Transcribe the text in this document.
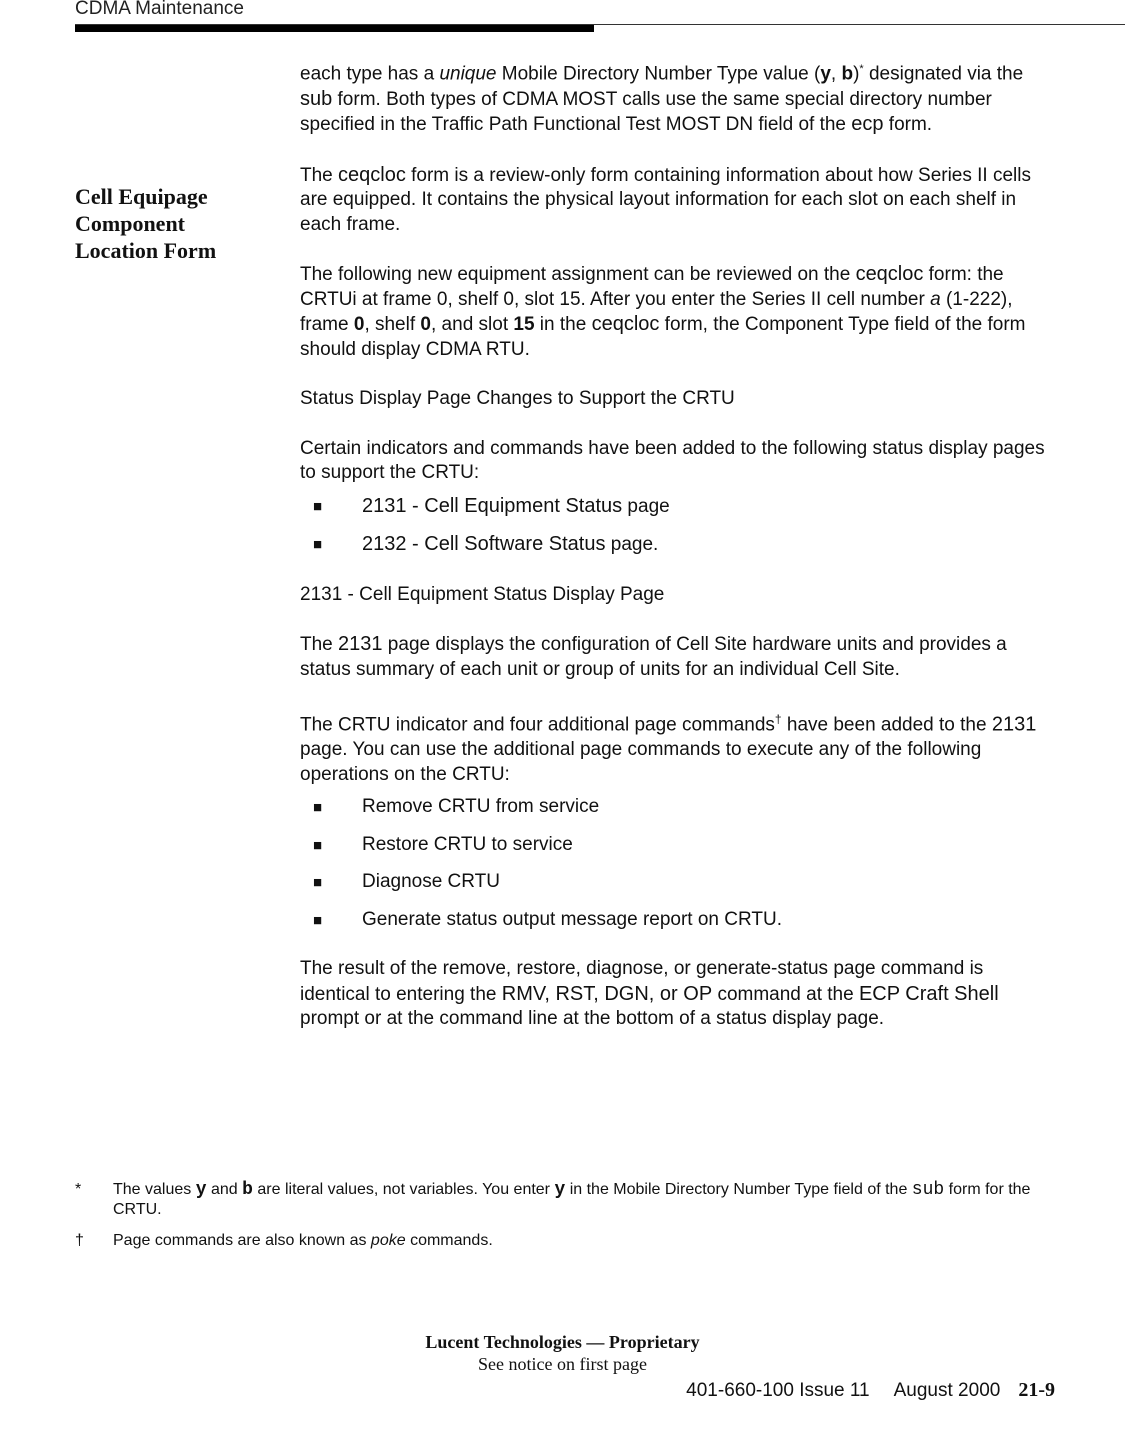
CDMA Maintenance
Cell Equipage
Component
Location Form

each type has a unique Mobile Directory Number Type value (y, b)* designated via the sub form. Both types of CDMA MOST calls use the same special directory number specified in the Traffic Path Functional Test MOST DN field of the ecp form.

The ceqcloc form is a review-only form containing information about how Series II cells are equipped. It contains the physical layout information for each slot on each shelf in each frame.

The following new equipment assignment can be reviewed on the ceqcloc form: the CRTUi at frame 0, shelf 0, slot 15. After you enter the Series II cell number a (1-222), frame 0, shelf 0, and slot 15 in the ceqcloc form, the Component Type field of the form should display CDMA RTU.

Status Display Page Changes to Support the CRTU

Certain indicators and commands have been added to the following status display pages to support the CRTU:

■ 2131 - Cell Equipment Status page
■ 2132 - Cell Software Status page.

2131 - Cell Equipment Status Display Page

The 2131 page displays the configuration of Cell Site hardware units and provides a status summary of each unit or group of units for an individual Cell Site.

The CRTU indicator and four additional page commands† have been added to the 2131 page. You can use the additional page commands to execute any of the following operations on the CRTU:

■ Remove CRTU from service
■ Restore CRTU to service
■ Diagnose CRTU
■ Generate status output message report on CRTU.

The result of the remove, restore, diagnose, or generate-status page command is identical to entering the RMV, RST, DGN, or OP command at the ECP Craft Shell prompt or at the command line at the bottom of a status display page.

* The values y and b are literal values, not variables. You enter y in the Mobile Directory Number Type field of the sub form for the CRTU.
† Page commands are also known as poke commands.
Lucent Technologies — Proprietary
See notice on first page
401-660-100 Issue 11 August 2000 21-9
